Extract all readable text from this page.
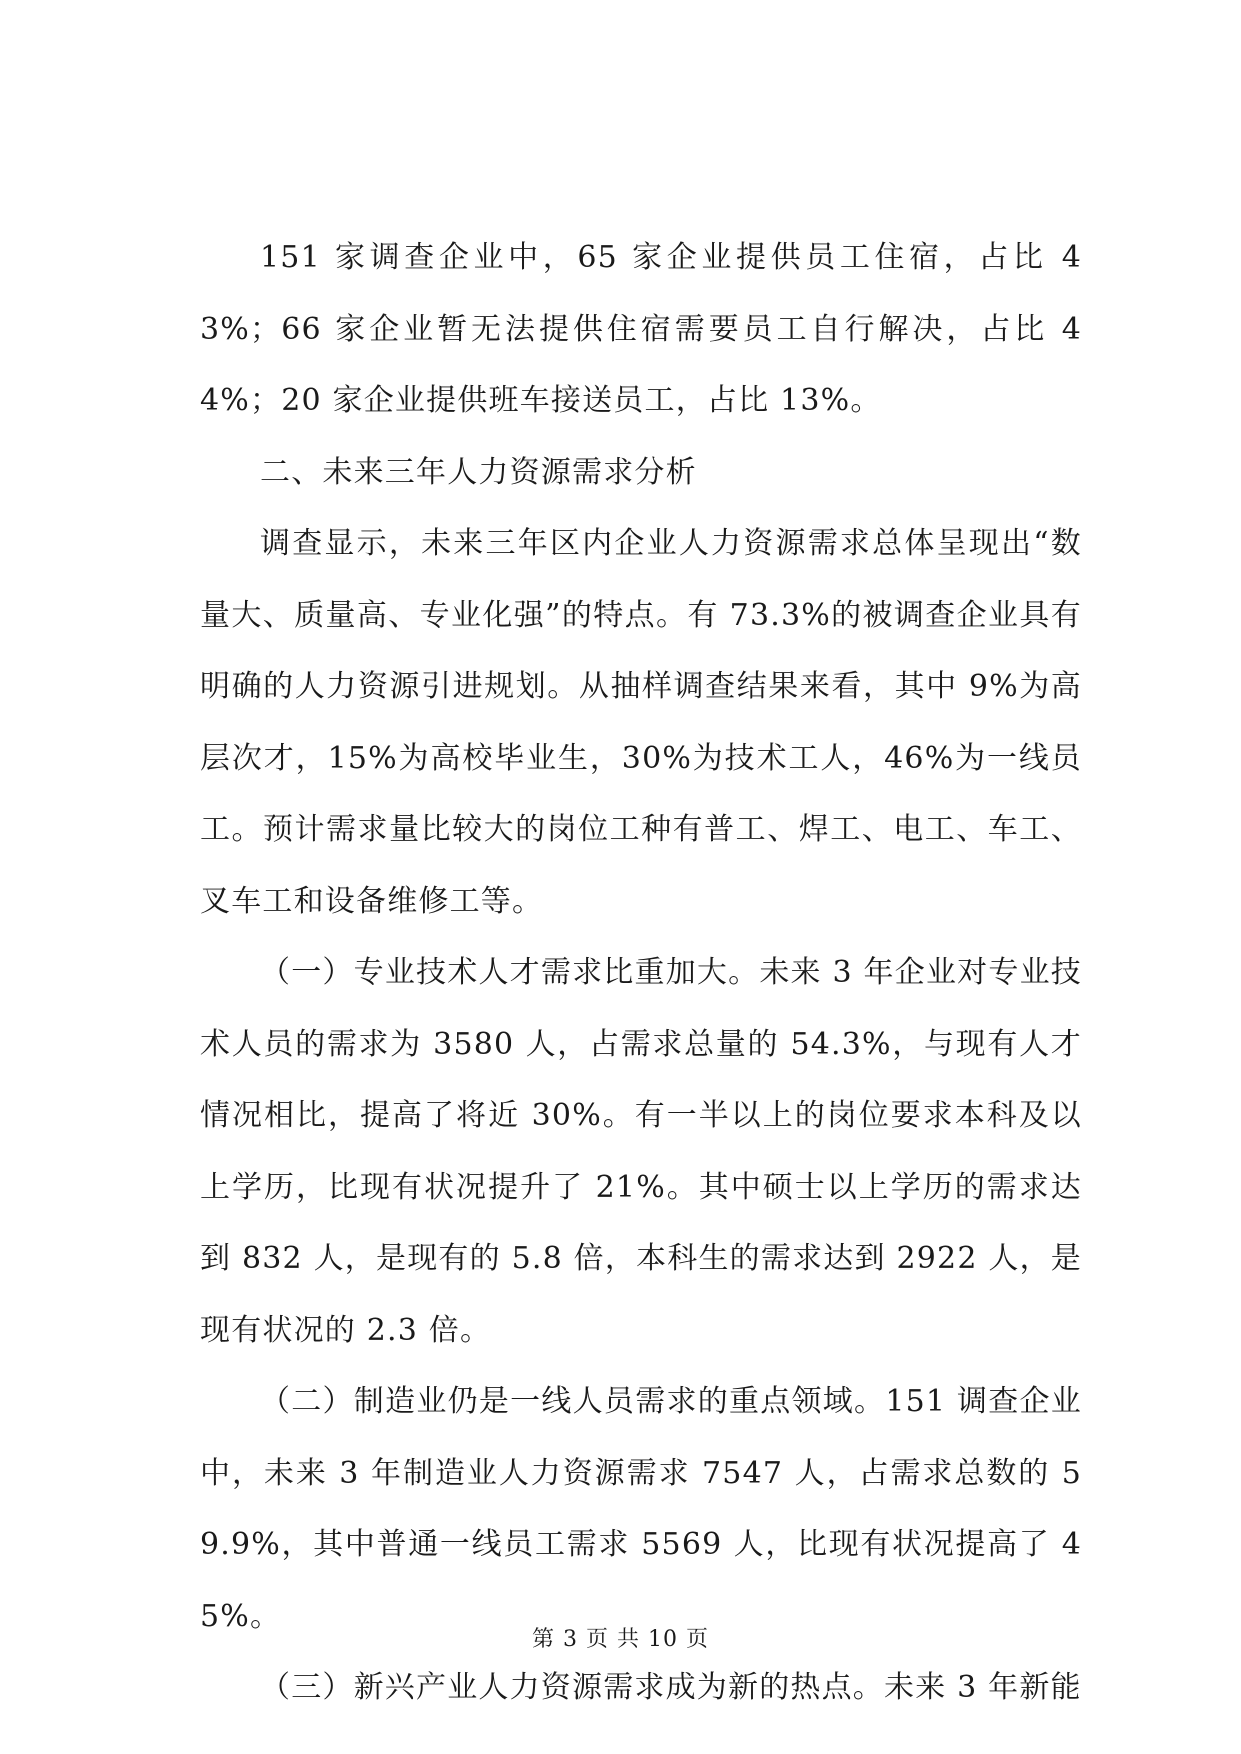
151 家调查企业中，65 家企业提供员工住宿，占比 43%；66 家企业暂无法提供住宿需要员工自行解决，占比 44%；20 家企业提供班车接送员工，占比 13%。

二、未来三年人力资源需求分析

调查显示，未来三年区内企业人力资源需求总体呈现出“数量大、质量高、专业化强”的特点。有 73.3%的被调查企业具有明确的人力资源引进规划。从抽样调查结果来看，其中 9%为高层次才，15%为高校毕业生，30%为技术工人，46%为一线员工。预计需求量比较大的岗位工种有普工、焊工、电工、车工、叉车工和设备维修工等。

（一）专业技术人才需求比重加大。未来 3 年企业对专业技术人员的需求为 3580 人，占需求总量的 54.3%，与现有人才情况相比，提高了将近 30%。有一半以上的岗位要求本科及以上学历，比现有状况提升了 21%。其中硕士以上学历的需求达到 832 人，是现有的 5.8 倍，本科生的需求达到 2922 人，是现有状况的 2.3 倍。

（二）制造业仍是一线人员需求的重点领域。151 调查企业中，未来 3 年制造业人力资源需求 7547 人，占需求总数的 59.9%，其中普通一线员工需求 5569 人，比现有状况提高了 45%。

（三）新兴产业人力资源需求成为新的热点。未来 3 年新能

第 3 页 共 10 页
